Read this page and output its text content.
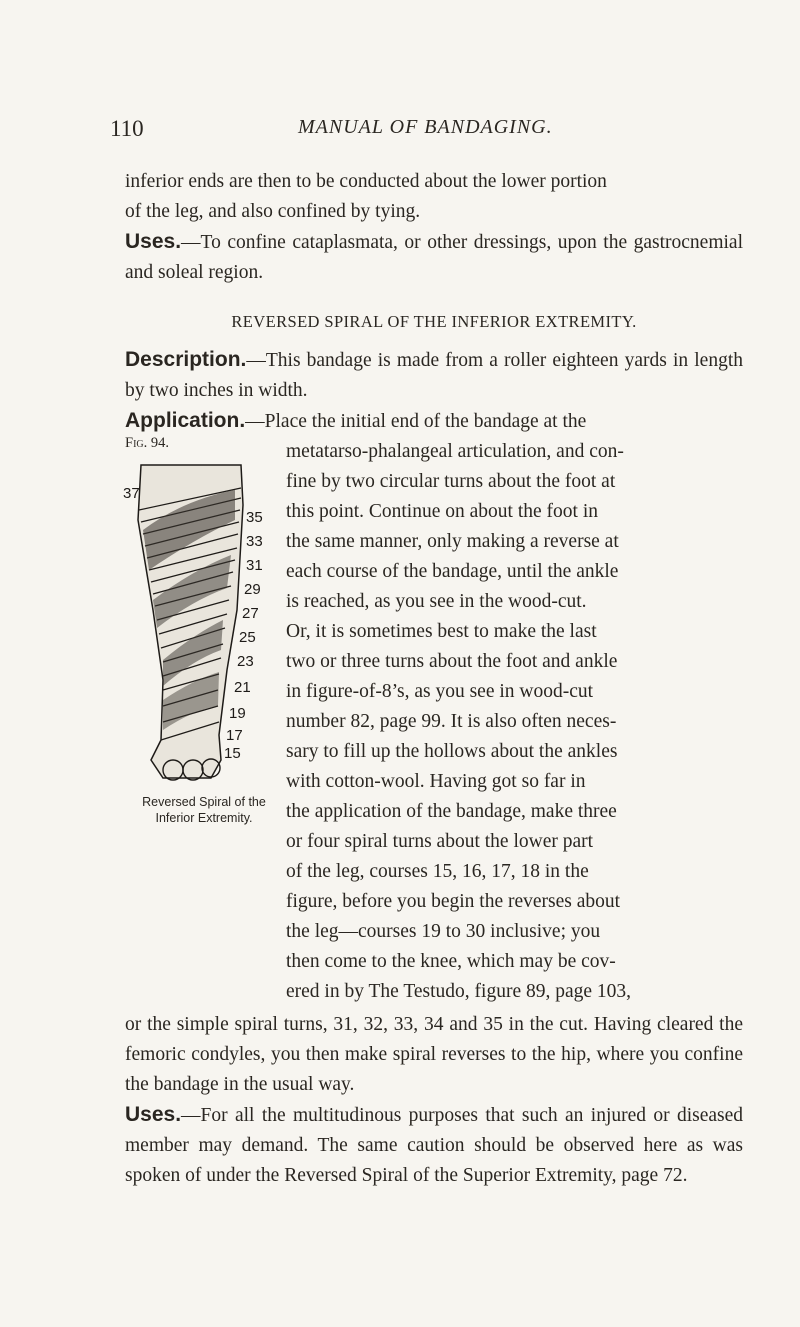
110	MANUAL OF BANDAGING.

inferior ends are then to be conducted about the lower portion

of the leg, and also confined by tying.

Uses.—To confine cataplasmata, or other dressings, upon the gastrocnemial and soleal region.

REVERSED SPIRAL OF THE INFERIOR EXTREMITY.

Description.—This bandage is made from a roller eighteen yards in length by two inches in width.

Application.—Place the initial end of the bandage at the

Fig. 94.
37
35
33
31
29
27
25
23
21
19
17
15
Reversed Spiral of the
Inferior Extremity.

metatarso-phalangeal articulation, and con-

fine by two circular turns about the foot at

this point. Continue on about the foot in

the same manner, only making a reverse at

each course of the bandage, until the ankle

is reached, as you see in the wood-cut.

Or, it is sometimes best to make the last

two or three turns about the foot and ankle

in figure-of-8’s, as you see in wood-cut

number 82, page 99. It is also often neces-

sary to fill up the hollows about the ankles

with cotton-wool. Having got so far in

the application of the bandage, make three

or four spiral turns about the lower part

of the leg, courses 15, 16, 17, 18 in the

figure, before you begin the reverses about

the leg—courses 19 to 30 inclusive; you

then come to the knee, which may be cov-

ered in by The Testudo, figure 89, page 103,

or the simple spiral turns, 31, 32, 33, 34 and 35 in the cut. Having cleared the femoric condyles, you then make spiral reverses to the hip, where you confine the bandage in the usual way.

Uses.—For all the multitudinous purposes that such an injured or diseased member may demand. The same caution should be observed here as was spoken of under the Reversed Spiral of the Superior Extremity, page 72.
